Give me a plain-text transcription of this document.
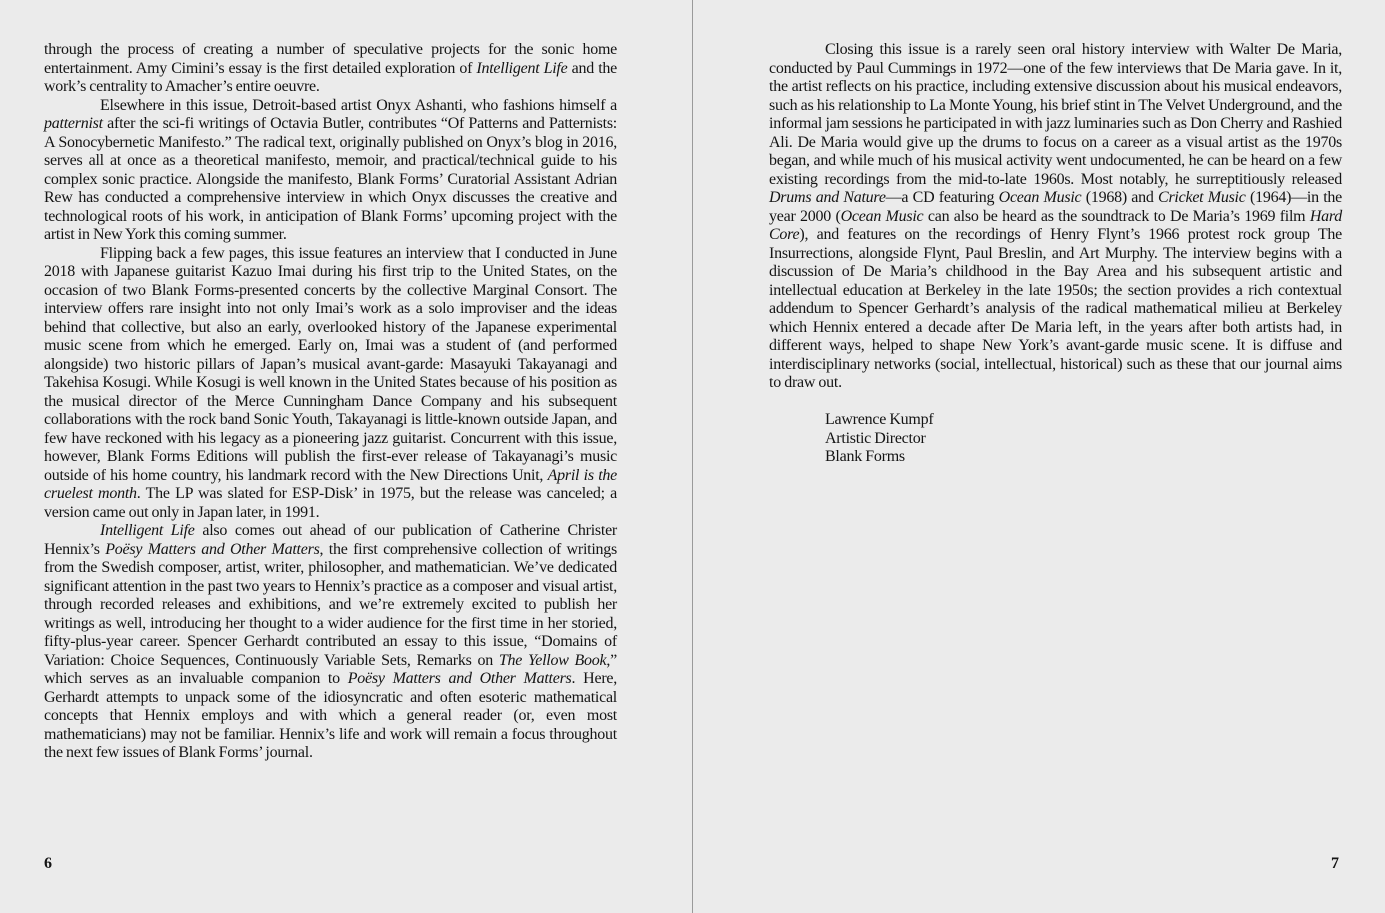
through the process of creating a number of speculative projects for the sonic home entertainment. Amy Cimini’s essay is the first detailed exploration of Intelligent Life and the work’s centrality to Amacher’s entire oeuvre.

Elsewhere in this issue, Detroit-based artist Onyx Ashanti, who fashions himself a patternist after the sci-fi writings of Octavia Butler, contributes “Of Patterns and Patternists: A Sonocybernetic Manifesto.” The radical text, originally published on Onyx’s blog in 2016, serves all at once as a theoretical manifesto, memoir, and practical/technical guide to his complex sonic practice. Alongside the manifesto, Blank Forms’ Curatorial Assistant Adrian Rew has conducted a comprehensive interview in which Onyx discusses the creative and technological roots of his work, in anticipation of Blank Forms’ upcoming project with the artist in New York this coming summer.

Flipping back a few pages, this issue features an interview that I conducted in June 2018 with Japanese guitarist Kazuo Imai during his first trip to the United States, on the occasion of two Blank Forms-presented concerts by the collective Marginal Consort. The interview offers rare insight into not only Imai’s work as a solo improviser and the ideas behind that collective, but also an early, overlooked history of the Japanese experimental music scene from which he emerged. Early on, Imai was a student of (and performed alongside) two historic pillars of Japan’s musical avant-garde: Masayuki Takayanagi and Takehisa Kosugi. While Kosugi is well known in the United States because of his position as the musical director of the Merce Cunningham Dance Company and his subsequent collaborations with the rock band Sonic Youth, Takayanagi is little-known outside Japan, and few have reckoned with his legacy as a pioneering jazz guitarist. Concurrent with this issue, however, Blank Forms Editions will publish the first-ever release of Takayanagi’s music outside of his home country, his landmark record with the New Directions Unit, April is the cruelest month. The LP was slated for ESP-Disk’ in 1975, but the release was canceled; a version came out only in Japan later, in 1991.

Intelligent Life also comes out ahead of our publication of Catherine Christer Hennix’s Poësy Matters and Other Matters, the first comprehensive collection of writings from the Swedish composer, artist, writer, philosopher, and mathematician. We’ve dedicated significant attention in the past two years to Hennix’s practice as a composer and visual artist, through recorded releases and exhibitions, and we’re extremely excited to publish her writings as well, introducing her thought to a wider audience for the first time in her storied, fifty-plus-year career. Spencer Gerhardt contributed an essay to this issue, “Domains of Variation: Choice Sequences, Continuously Variable Sets, Remarks on The Yellow Book,” which serves as an invaluable companion to Poësy Matters and Other Matters. Here, Gerhardt attempts to unpack some of the idiosyncratic and often esoteric mathematical concepts that Hennix employs and with which a general reader (or, even most mathematicians) may not be familiar. Hennix’s life and work will remain a focus throughout the next few issues of Blank Forms’ journal.

6

Closing this issue is a rarely seen oral history interview with Walter De Maria, conducted by Paul Cummings in 1972—one of the few interviews that De Maria gave. In it, the artist reflects on his practice, including extensive discussion about his musical endeavors, such as his relationship to La Monte Young, his brief stint in The Velvet Underground, and the informal jam sessions he participated in with jazz luminaries such as Don Cherry and Rashied Ali. De Maria would give up the drums to focus on a career as a visual artist as the 1970s began, and while much of his musical activity went undocumented, he can be heard on a few existing recordings from the mid-to-late 1960s. Most notably, he surreptitiously released Drums and Nature—a CD featuring Ocean Music (1968) and Cricket Music (1964)—in the year 2000 (Ocean Music can also be heard as the soundtrack to De Maria’s 1969 film Hard Core), and features on the recordings of Henry Flynt’s 1966 protest rock group The Insurrections, alongside Flynt, Paul Breslin, and Art Murphy. The interview begins with a discussion of De Maria’s childhood in the Bay Area and his subsequent artistic and intellectual education at Berkeley in the late 1950s; the section provides a rich contextual addendum to Spencer Gerhardt’s analysis of the radical mathematical milieu at Berkeley which Hennix entered a decade after De Maria left, in the years after both artists had, in different ways, helped to shape New York’s avant-garde music scene. It is diffuse and interdisciplinary networks (social, intellectual, historical) such as these that our journal aims to draw out.

Lawrence Kumpf
Artistic Director
Blank Forms
7
